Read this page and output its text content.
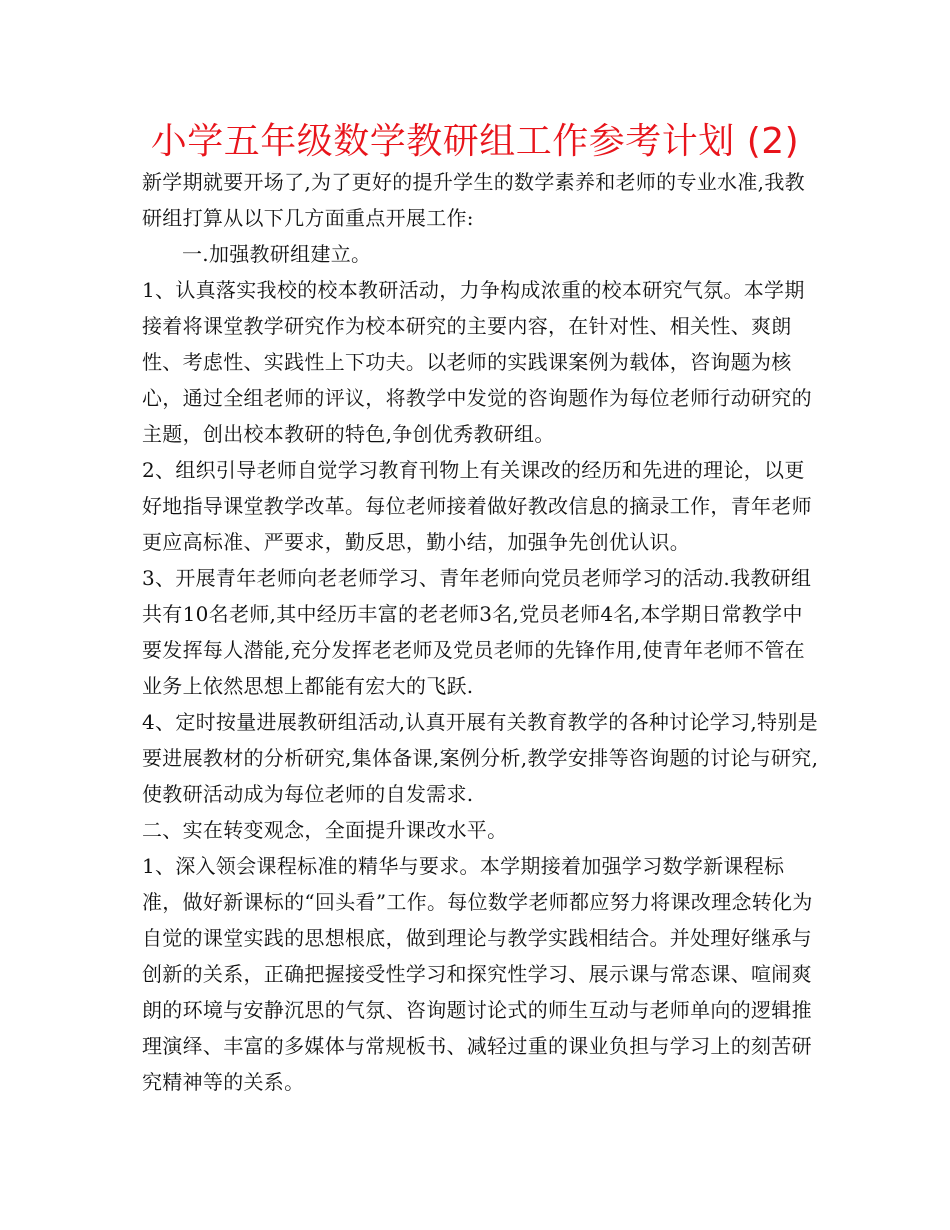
小学五年级数学教研组工作参考计划 (2)

新学期就要开场了,为了更好的提升学生的数学素养和老师的专业水准,我教研组打算从以下几方面重点开展工作:

一.加强教研组建立。

1、认真落实我校的校本教研活动，力争构成浓重的校本研究气氛。本学期接着将课堂教学研究作为校本研究的主要内容，在针对性、相关性、爽朗性、考虑性、实践性上下功夫。以老师的实践课案例为载体，咨询题为核心，通过全组老师的评议，将教学中发觉的咨询题作为每位老师行动研究的主题，创出校本教研的特色,争创优秀教研组。

2、组织引导老师自觉学习教育刊物上有关课改的经历和先进的理论，以更好地指导课堂教学改革。每位老师接着做好教改信息的摘录工作，青年老师更应高标准、严要求，勤反思，勤小结，加强争先创优认识。

3、开展青年老师向老老师学习、青年老师向党员老师学习的活动.我教研组共有10名老师,其中经历丰富的老老师3名,党员老师4名,本学期日常教学中要发挥每人潜能,充分发挥老老师及党员老师的先锋作用,使青年老师不管在业务上依然思想上都能有宏大的飞跃.

4、定时按量进展教研组活动,认真开展有关教育教学的各种讨论学习,特别是要进展教材的分析研究,集体备课,案例分析,教学安排等咨询题的讨论与研究,使教研活动成为每位老师的自发需求.

二、实在转变观念，全面提升课改水平。

1、深入领会课程标准的精华与要求。本学期接着加强学习数学新课程标准，做好新课标的“回头看”工作。每位数学老师都应努力将课改理念转化为自觉的课堂实践的思想根底，做到理论与教学实践相结合。并处理好继承与创新的关系，正确把握接受性学习和探究性学习、展示课与常态课、喧闹爽朗的环境与安静沉思的气氛、咨询题讨论式的师生互动与老师单向的逻辑推理演绎、丰富的多媒体与常规板书、减轻过重的课业负担与学习上的刻苦研究精神等的关系。
